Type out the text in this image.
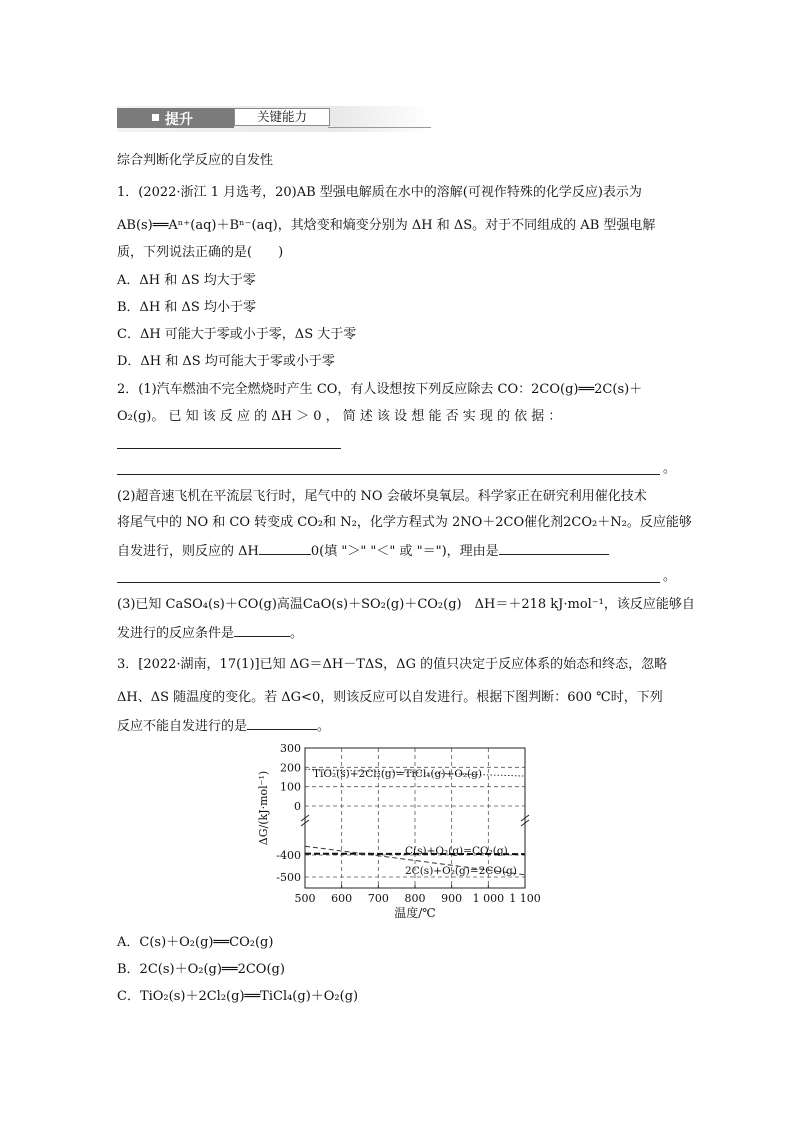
提升	关键能力
综合判断化学反应的自发性
1．(2022·浙江 1 月选考，20)AB 型强电解质在水中的溶解(可视作特殊的化学反应)表示为
AB(s)══Aⁿ⁺(aq)＋Bⁿ⁻(aq)，其焓变和熵变分别为 ΔH 和 ΔS。对于不同组成的 AB 型强电解
质，下列说法正确的是(　　)
A．ΔH 和 ΔS 均大于零
B．ΔH 和 ΔS 均小于零
C．ΔH 可能大于零或小于零，ΔS 大于零
D．ΔH 和 ΔS 均可能大于零或小于零
2．(1)汽车燃油不完全燃烧时产生 CO，有人设想按下列反应除去 CO：2CO(g)══2C(s)＋
O₂(g)。 已 知 该 反 应 的 ΔH ＞ 0 ， 简 述 该 设 想 能 否 实 现 的 依 据 ：
。
(2)超音速飞机在平流层飞行时，尾气中的 NO 会破坏臭氧层。科学家正在研究利用催化技术
将尾气中的 NO 和 CO 转变成 CO₂和 N₂，化学方程式为 2NO＋2CO催化剂2CO₂＋N₂。反应能够
自发进行，则反应的 ΔH	0(填 "＞" "＜" 或 "＝")，理由是
。
(3)已知 CaSO₄(s)＋CO(g)高温CaO(s)＋SO₂(g)＋CO₂(g)　ΔH＝＋218 kJ·mol⁻¹，该反应能够自
发进行的反应条件是	。
3．[2022·湖南，17(1)]已知 ΔG＝ΔH－TΔS，ΔG 的值只决定于反应体系的始态和终态，忽略
ΔH、ΔS 随温度的变化。若 ΔG<0，则该反应可以自发进行。根据下图判断：600 ℃时，下列
反应不能自发进行的是	。
TiO₂(s)+2Cl₂(g)=TiCl₄(g)+O₂(g)
C(s)+O₂(g)=CO₂(g)
2C(s)+O₂(g)=2CO(g)
500 600 700 800 900 1 000 1 100
300
200
100
0
-400
-500
温度/℃
ΔG/(kJ·mol⁻¹)
A．C(s)＋O₂(g)══CO₂(g)
B．2C(s)＋O₂(g)══2CO(g)
C．TiO₂(s)＋2Cl₂(g)══TiCl₄(g)＋O₂(g)
